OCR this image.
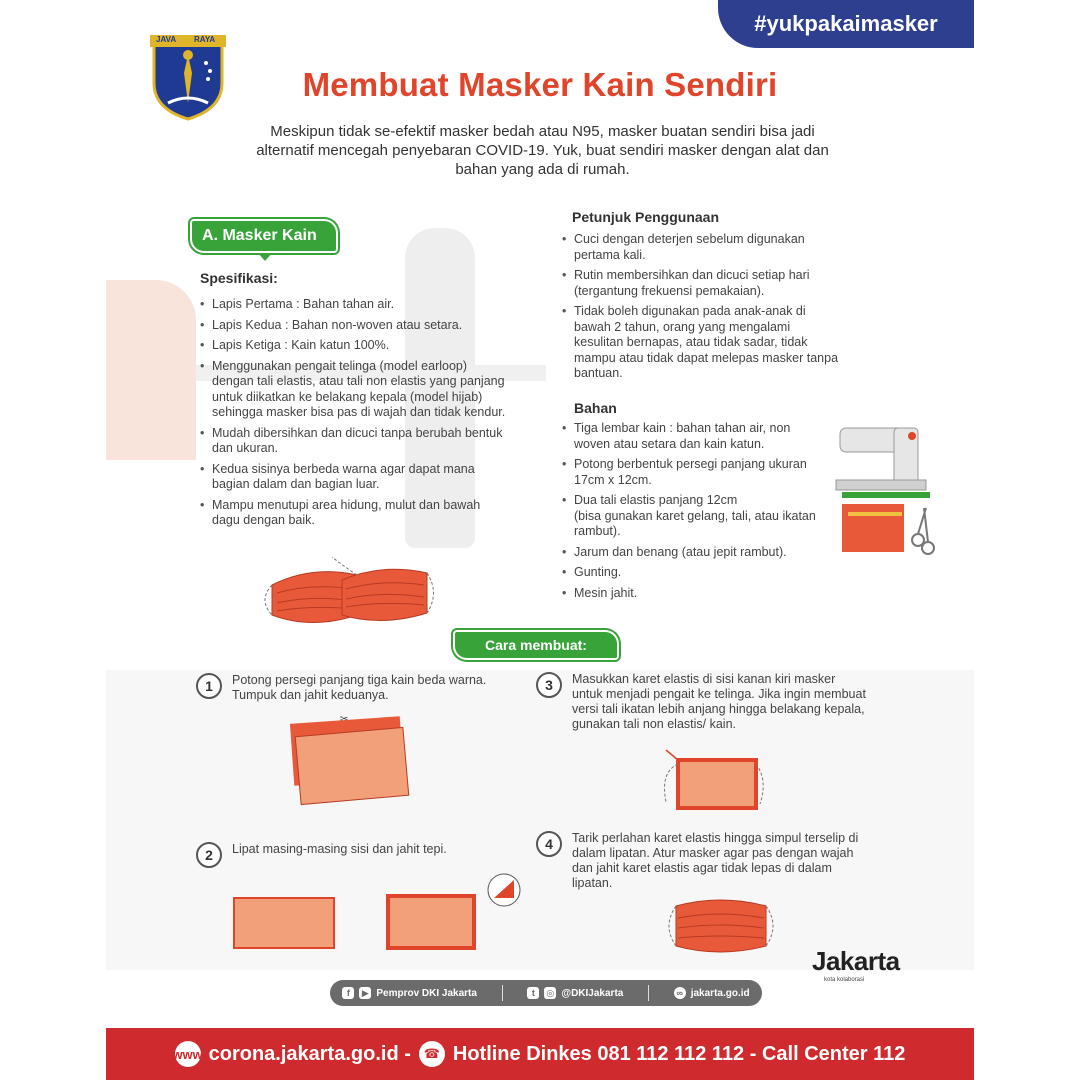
#yukpakaimasker
JAVA RAYA
Membuat Masker Kain Sendiri
Meskipun tidak se-efektif masker bedah atau N95, masker buatan sendiri bisa jadi alternatif mencegah penyebaran COVID-19. Yuk, buat sendiri masker dengan alat dan bahan yang ada di rumah.
A. Masker Kain
Spesifikasi:
• Lapis Pertama : Bahan tahan air.
• Lapis Kedua : Bahan non-woven atau setara.
• Lapis Ketiga : Kain katun 100%.
• Menggunakan pengait telinga (model earloop) dengan tali elastis, atau tali non elastis yang panjang untuk diikatkan ke belakang kepala (model hijab) sehingga masker bisa pas di wajah dan tidak kendur.
• Mudah dibersihkan dan dicuci tanpa berubah bentuk dan ukuran.
• Kedua sisinya berbeda warna agar dapat mana bagian dalam dan bagian luar.
• Mampu menutupi area hidung, mulut dan bawah dagu dengan baik.
Petunjuk Penggunaan
• Cuci dengan deterjen sebelum digunakan pertama kali.
• Rutin membersihkan dan dicuci setiap hari (tergantung frekuensi pemakaian).
• Tidak boleh digunakan pada anak-anak di bawah 2 tahun, orang yang mengalami kesulitan bernapas, atau tidak sadar, tidak mampu atau tidak dapat melepas masker tanpa bantuan.
Bahan
• Tiga lembar kain : bahan tahan air, non woven atau setara dan kain katun.
• Potong berbentuk persegi panjang ukuran 17cm x 12cm.
• Dua tali elastis panjang 12cm
(bisa gunakan karet gelang, tali, atau ikatan rambut).
• Jarum dan benang (atau jepit rambut).
• Gunting.
• Mesin jahit.
Cara membuat:
1	Potong persegi panjang tiga kain beda warna. Tumpuk dan jahit keduanya.
✂
2	Lipat masing-masing sisi dan jahit tepi.
3	Masukkan karet elastis di sisi kanan kiri masker untuk menjadi pengait ke telinga. Jika ingin membuat versi tali ikatan lebih anjang hingga belakang kepala, gunakan tali non elastis/ kain.
4	Tarik perlahan karet elastis hingga simpul terselip di dalam lipatan. Atur masker agar pas dengan wajah dan jahit karet elastis agar tidak lepas di dalam lipatan.
f	▶ Pemprov DKI Jakarta	t	◎ @DKIJakarta	∞ jakarta.go.id
Jakarta
kota kolaborasi
www corona.jakarta.go.id - ☎ Hotline Dinkes 081 112 112 112 - Call Center 112
